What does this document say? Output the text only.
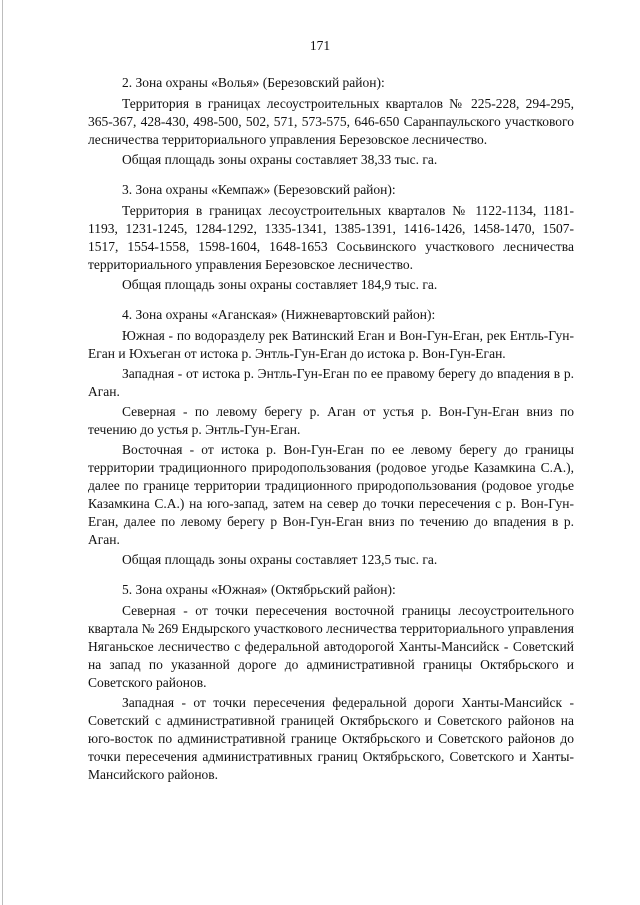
171

2. Зона охраны «Волья» (Березовский район):

Территория в границах лесоустроительных кварталов № 225-228, 294-295, 365-367, 428-430, 498-500, 502, 571, 573-575, 646-650 Саранпаульского участкового лесничества территориального управления Березовское лесничество.

Общая площадь зоны охраны составляет 38,33 тыс. га.

3. Зона охраны «Кемпаж» (Березовский район):

Территория в границах лесоустроительных кварталов № 1122-1134, 1181-1193, 1231-1245, 1284-1292, 1335-1341, 1385-1391, 1416-1426, 1458-1470, 1507-1517, 1554-1558, 1598-1604, 1648-1653 Сосьвинского участкового лесничества территориального управления Березовское лесничество.

Общая площадь зоны охраны составляет 184,9 тыс. га.

4. Зона охраны «Аганская» (Нижневартовский район):

Южная - по водоразделу рек Ватинский Еган и Вон-Гун-Еган, рек Ентль-Гун-Еган и Юхъеган от истока р. Энтль-Гун-Еган до истока р. Вон-Гун-Еган.

Западная - от истока р. Энтль-Гун-Еган по ее правому берегу до впадения в р. Аган.

Северная - по левому берегу р. Аган от устья р. Вон-Гун-Еган вниз по течению до устья р. Энтль-Гун-Еган.

Восточная - от истока р. Вон-Гун-Еган по ее левому берегу до границы территории традиционного природопользования (родовое угодье Казамкина С.А.), далее по границе территории традиционного природопользования (родовое угодье Казамкина С.А.) на юго-запад, затем на север до точки пересечения с р. Вон-Гун-Еган, далее по левому берегу р Вон-Гун-Еган вниз по течению до впадения в р. Аган.

Общая площадь зоны охраны составляет 123,5 тыс. га.

5. Зона охраны «Южная» (Октябрьский район):

Северная - от точки пересечения восточной границы лесоустроительного квартала № 269 Ендырского участкового лесничества территориального управления Няганьское лесничество с федеральной автодорогой Ханты-Мансийск - Советский на запад по указанной дороге до административной границы Октябрьского и Советского районов.

Западная - от точки пересечения федеральной дороги Ханты-Мансийск - Советский с административной границей Октябрьского и Советского районов на юго-восток по административной границе Октябрьского и Советского районов до точки пересечения административных границ Октябрьского, Советского и Ханты-Мансийского районов.
